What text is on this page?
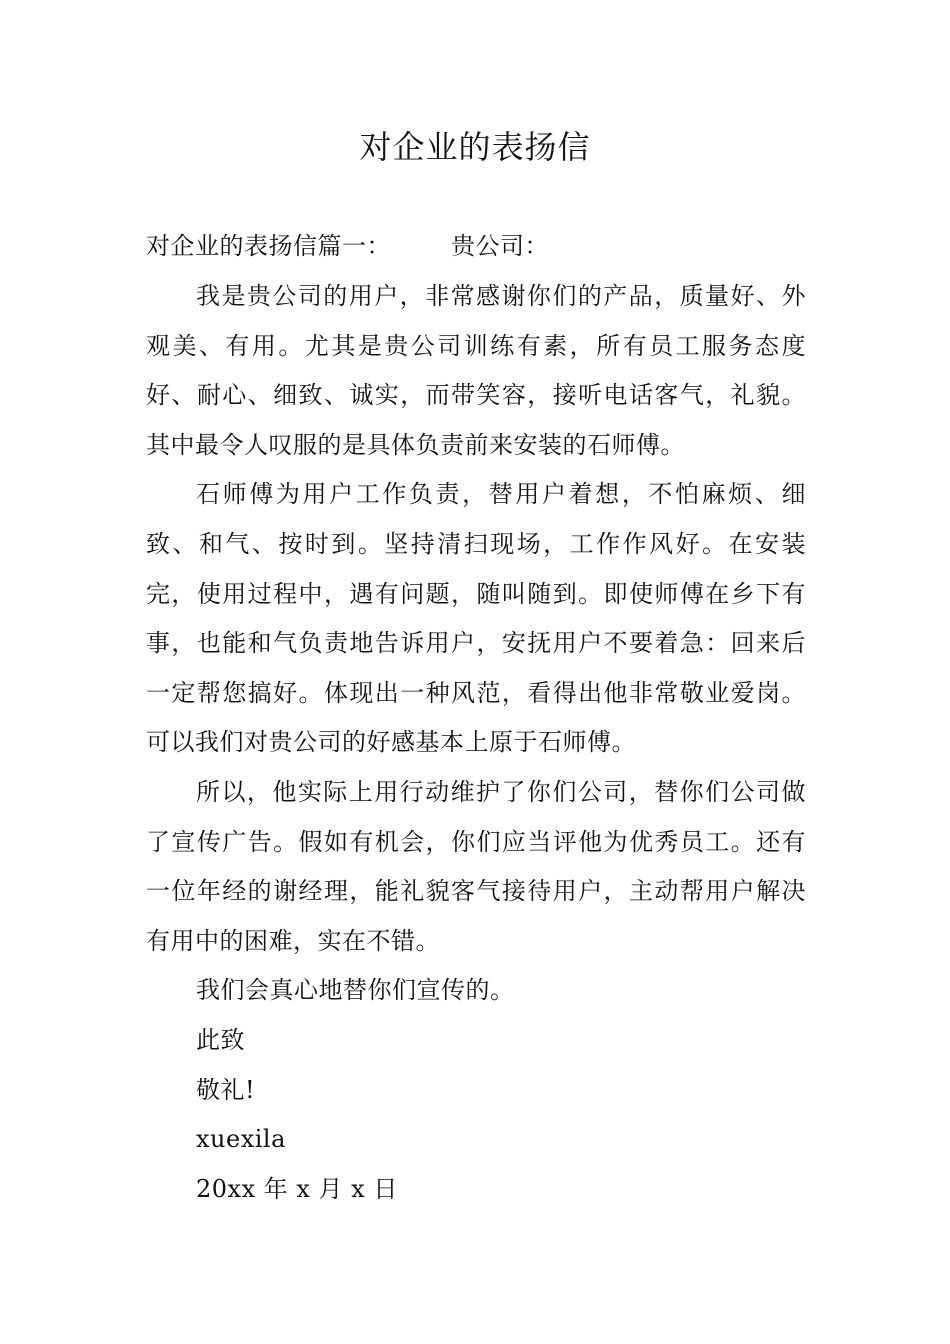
对企业的表扬信
对企业的表扬信篇一：	贵公司：

我是贵公司的用户，非常感谢你们的产品，质量好、外观美、有用。尤其是贵公司训练有素，所有员工服务态度好、耐心、细致、诚实，而带笑容，接听电话客气，礼貌。其中最令人叹服的是具体负责前来安装的石师傅。

石师傅为用户工作负责，替用户着想，不怕麻烦、细致、和气、按时到。坚持清扫现场，工作作风好。在安装完，使用过程中，遇有问题，随叫随到。即使师傅在乡下有事，也能和气负责地告诉用户，安抚用户不要着急：回来后一定帮您搞好。体现出一种风范，看得出他非常敬业爱岗。可以我们对贵公司的好感基本上原于石师傅。

所以，他实际上用行动维护了你们公司，替你们公司做了宣传广告。假如有机会，你们应当评他为优秀员工。还有一位年经的谢经理，能礼貌客气接待用户，主动帮用户解决有用中的困难，实在不错。

我们会真心地替你们宣传的。

此致

敬礼!

xuexila

20xx 年 x 月 x 日
